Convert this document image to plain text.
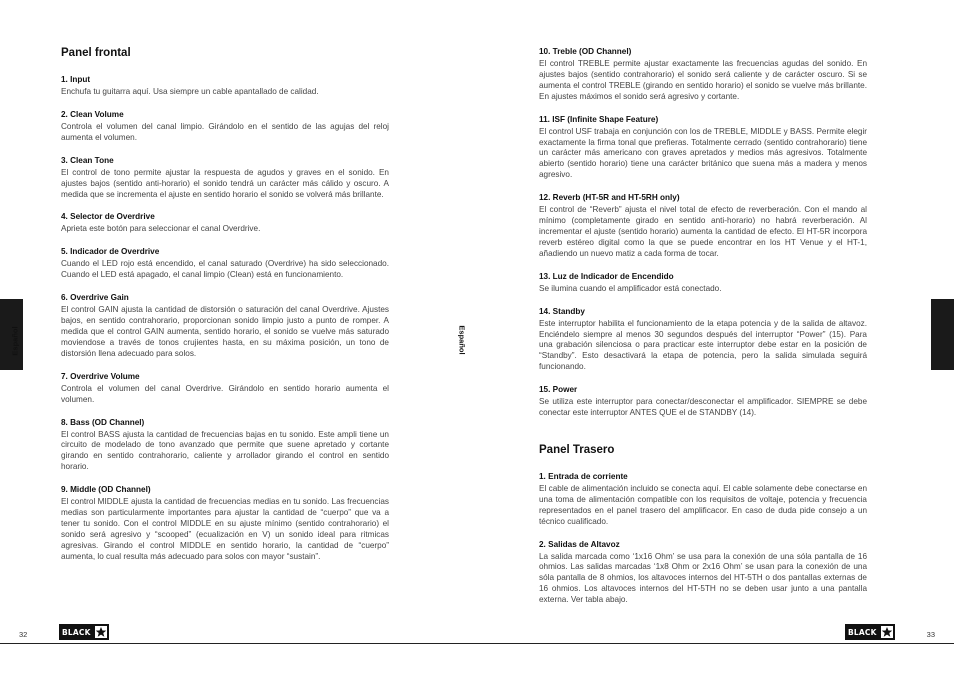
Panel frontal
1. Input
Enchufa tu guitarra aquí. Usa siempre un cable apantallado de calidad.
2. Clean Volume
Controla el volumen del canal limpio. Girándolo en el sentido de las agujas del reloj aumenta el volumen.
3. Clean Tone
El control de tono permite ajustar la respuesta de agudos y graves en el sonido. En ajustes bajos (sentido anti-horario) el sonido tendrá un carácter más cálido y oscuro. A medida que se incrementa el ajuste en sentido horario el sonido se volverá más brillante.
4. Selector de Overdrive
Aprieta este botón para seleccionar el canal Overdrive.
5. Indicador de Overdrive
Cuando el LED rojo está encendido, el canal saturado (Overdrive) ha sido seleccionado. Cuando el LED está apagado, el canal limpio (Clean) está en funcionamiento.
6. Overdrive Gain
El control GAIN ajusta la cantidad de distorsión o saturación del canal Overdrive. Ajustes bajos, en sentido contrahorario, proporcionan sonido limpio justo a punto de romper. A medida que el control GAIN aumenta, sentido horario, el sonido se vuelve más saturado moviendose a través de tonos crujientes hasta, en su máxima posición, un tono de distorsión llena adecuado para solos.
7. Overdrive Volume
Controla el volumen del canal Overdrive. Girándolo en sentido horario aumenta el volumen.
8. Bass (OD Channel)
El control BASS ajusta la cantidad de frecuencias bajas en tu sonido. Este ampli tiene un circuito de modelado de tono avanzado que permite que suene apretado y cortante girando en sentido contrahorario, caliente y arrollador girando el control en sentido horario.
9. Middle (OD Channel)
El control MIDDLE ajusta la cantidad de frecuencias medias en tu sonido. Las frecuencias medias son particularmente importantes para ajustar la cantidad de “cuerpo” que va a tener tu sonido. Con el control MIDDLE en su ajuste mínimo (sentido contrahorario) el sonido será agresivo y “scooped” (ecualización en V) un sonido ideal para ritmicas agresivas. Girando el control MIDDLE en sentido horario, la cantidad de “cuerpo” aumenta, lo cual resulta más adecuado para solos con mayor “sustain”.
32	BLACK
Español
10. Treble (OD Channel)
El control TREBLE permite ajustar exactamente las frecuencias agudas del sonido. En ajustes bajos (sentido contrahorario) el sonido será caliente y de carácter oscuro. Si se aumenta el control TREBLE (girando en sentido horario) el sonido se vuelve más brillante. En ajustes máximos el sonido será agresivo y cortante.
11. ISF (Infinite Shape Feature)
El control USF trabaja en conjunción con los de TREBLE, MIDDLE y BASS. Permite elegir exactamente la firma tonal que prefieras. Totalmente cerrado (sentido contrahorario) tiene un carácter más americano con graves apretados y medios más agresivos. Totalmente abierto (sentido horario) tiene una carácter británico que suena más a madera y menos agresivo.
12. Reverb (HT-5R and HT-5RH only)
El control de “Reverb” ajusta el nivel total de efecto de reverberación. Con el mando al mínimo (completamente girado en sentido anti-horario) no habrá reverberación. Al incrementar el ajuste (sentido horario) aumenta la cantidad de efecto. El HT-5R incorpora reverb estéreo digital como la que se puede encontrar en los HT Venue y el HT-1, añadiendo un nuevo matiz a cada forma de tocar.
13. Luz de Indicador de Encendido
Se ilumina cuando el amplificador está conectado.
14. Standby
Este interruptor habilita el funcionamiento de la etapa potencia y de la salida de altavoz. Enciéndelo siempre al menos 30 segundos después del interruptor “Power” (15). Para una grabación silenciosa o para practicar este interruptor debe estar en la posición de “Standby”. Esto desactivará la etapa de potencia, pero la salida simulada seguirá funcionando.
15. Power
Se utiliza este interruptor para conectar/desconectar el amplificador. SIEMPRE se debe conectar este interruptor ANTES QUE el de STANDBY (14).
Panel Trasero
1. Entrada de corriente
El cable de alimentación incluido se conecta aquí. El cable solamente debe conectarse en una toma de alimentación compatible con los requisitos de voltaje, potencia y frecuencia representados en el panel trasero del amplificacor. En caso de duda pide consejo a un técnico cualificado.
2. Salidas de Altavoz
La salida marcada como ‘1x16 Ohm’ se usa para la conexión de una sóla pantalla de 16 ohmios. Las salidas marcadas ‘1x8 Ohm or 2x16 Ohm’ se usan para la conexión de una sóla pantalla de 8 ohmios, los altavoces internos del HT-5TH o dos pantallas externas de 16 ohmios. Los altavoces internos del HT-5TH no se deben usar junto a una pantalla externa. Ver tabla abajo.
33
BLACK
Español
